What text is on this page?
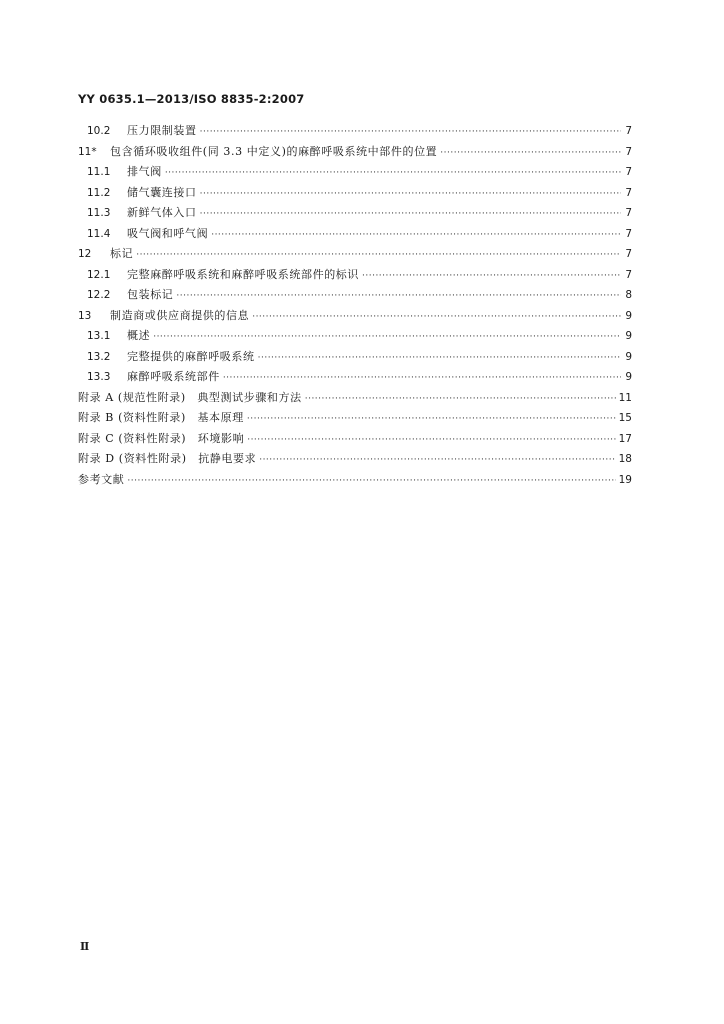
YY 0635.1—2013/ISO 8835-2:2007
10.2	压力限制装置 ·····	7
11*	包含循环吸收组件(同 3.3 中定义)的麻醉呼吸系统中部件的位置 ·····	7
11.1	排气阀 ·····	7
11.2	储气囊连接口 ·····	7
11.3	新鲜气体入口 ·····	7
11.4	吸气阀和呼气阀 ·····	7
12	标记 ·····	7
12.1	完整麻醉呼吸系统和麻醉呼吸系统部件的标识 ·····	7
12.2	包装标记 ·····	8
13	制造商或供应商提供的信息 ·····	9
13.1	概述 ·····	9
13.2	完整提供的麻醉呼吸系统 ·····	9
13.3	麻醉呼吸系统部件 ·····	9
附录 A (规范性附录)　典型测试步骤和方法 ·····	11
附录 B (资料性附录)　基本原理 ·····	15
附录 C (资料性附录)　环境影响 ·····	17
附录 D (资料性附录)　抗静电要求 ·····	18
参考文献 ·····	19
Ⅱ
